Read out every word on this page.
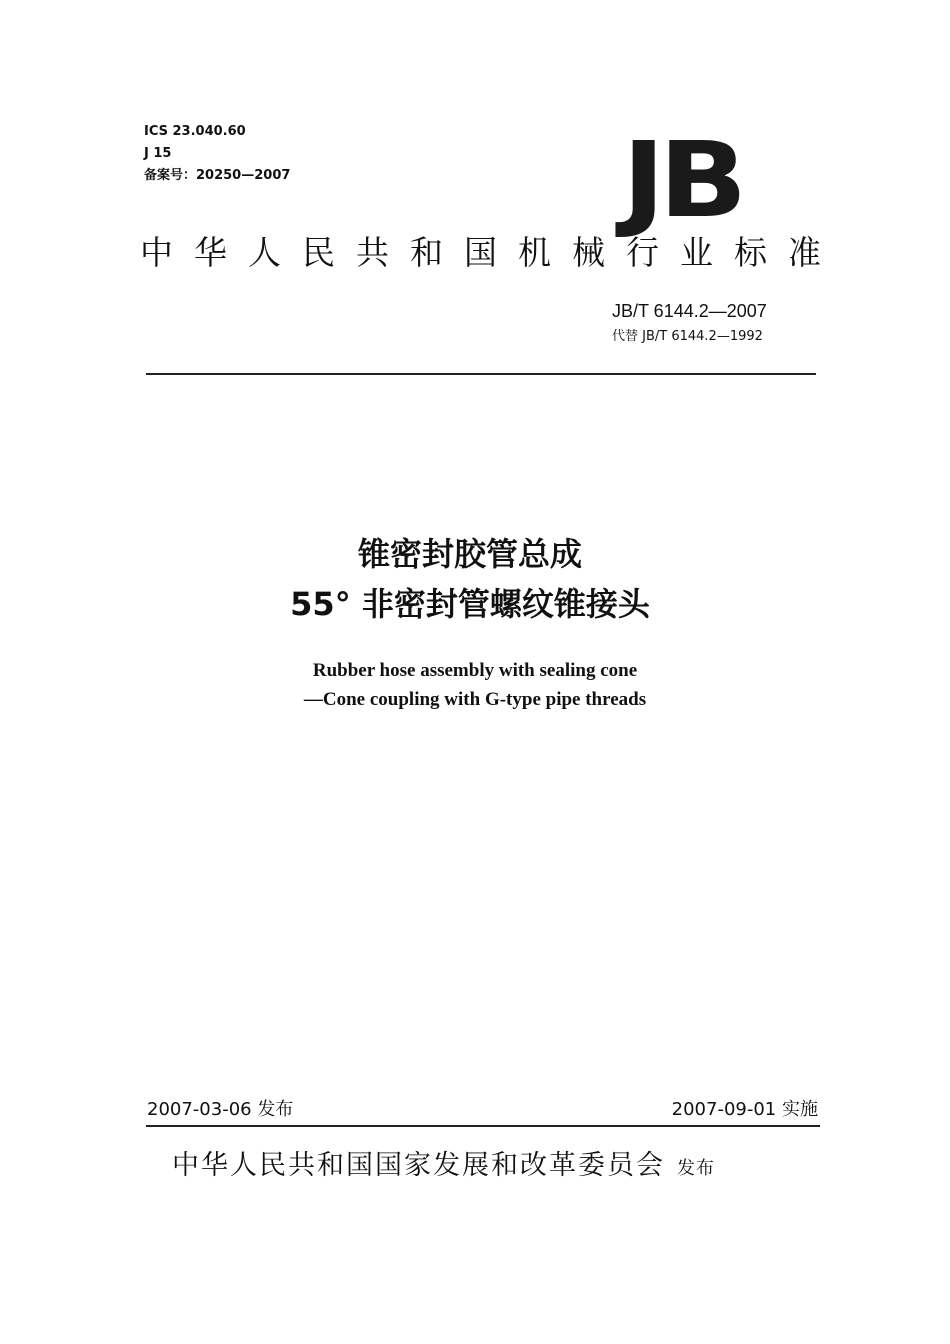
ICS 23.040.60
J 15
备案号：20250—2007	JB
中华人民共和国机械行业标准
JB/T 6144.2—2007
代替 JB/T 6144.2—1992
锥密封胶管总成
55° 非密封管螺纹锥接头
Rubber hose assembly with sealing cone
—Cone coupling with G-type pipe threads
2007-03-06 发布	2007-09-01 实施
中华人民共和国国家发展和改革委员会 发布
